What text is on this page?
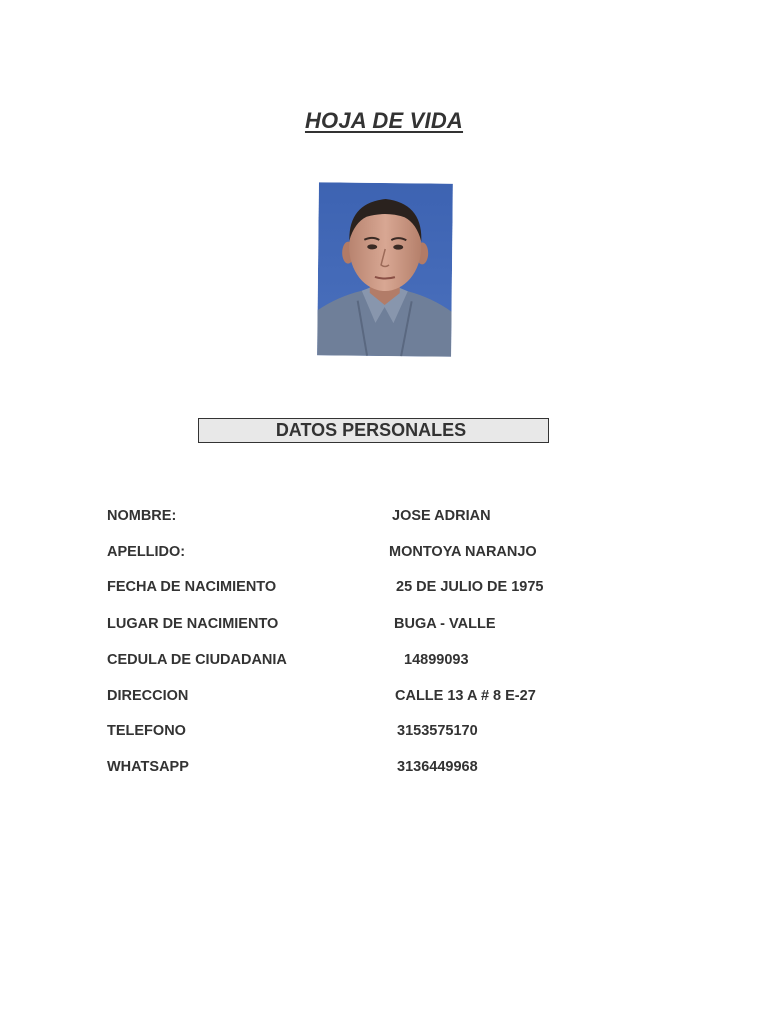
HOJA DE VIDA
DATOS PERSONALES
NOMBRE:	JOSE ADRIAN
APELLIDO:	MONTOYA NARANJO
FECHA DE NACIMIENTO	25 DE JULIO DE 1975
LUGAR DE NACIMIENTO	BUGA - VALLE
CEDULA DE CIUDADANIA	14899093
DIRECCION	CALLE 13 A # 8 E-27
TELEFONO	3153575170
WHATSAPP	3136449968
